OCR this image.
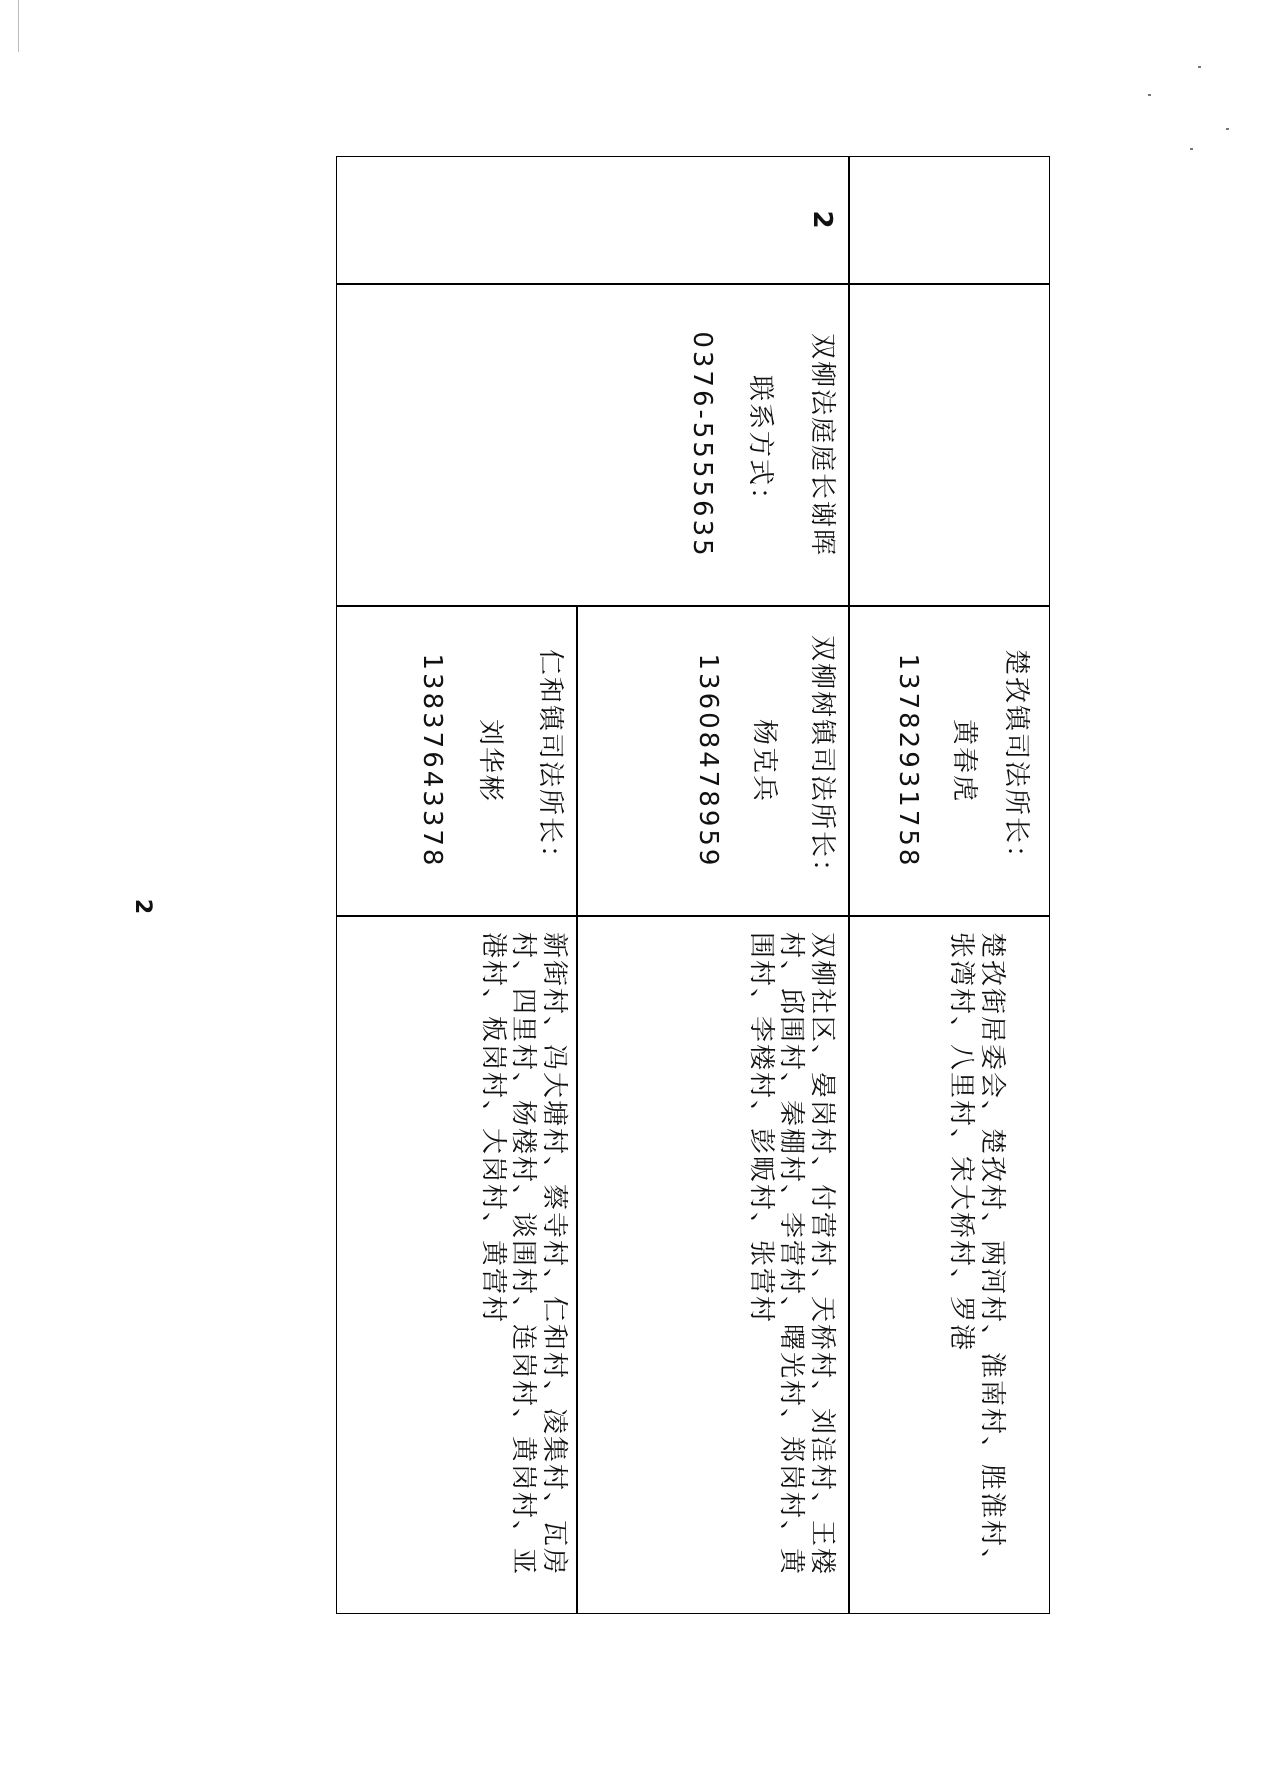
楚孜镇司法所长：
黄春虎
13782931758
楚孜街居委会、楚孜村、两河村、淮南村、胜淮村、张湾村、八里村、宋大桥村、罗港
2
双柳法庭庭长谢晖
联系方式：
0376-5555635
双柳树镇司法所长：
杨克兵
13608478959
仁和镇司法所长：
刘华彬
13837643378
双柳社区、晏岗村、付营村、天桥村、刘洼村、王楼村、邱围村、秦棚村、李营村、曙光村、郑岗村、黄围村、李楼村、彭畈村、张营村
新街村、冯大塘村、蔡寺村、仁和村、凌集村、瓦房村、四里村、杨楼村、谈围村、连岗村、黄岗村、亚港村、板岗村、大岗村、黄营村
2
